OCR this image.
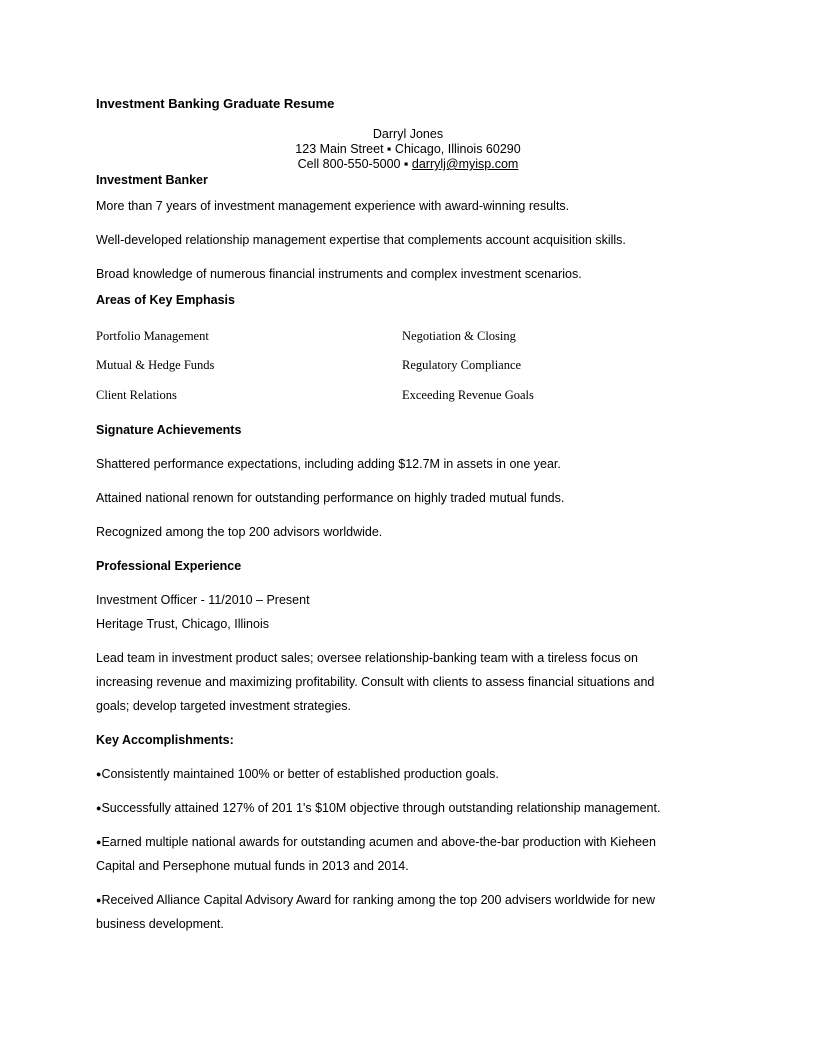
Investment Banking Graduate Resume
Darryl Jones
123 Main Street ▪ Chicago, Illinois 60290
Cell 800-550-5000 ▪ darrylj@myisp.com
Investment Banker
More than 7 years of investment management experience with award-winning results.
Well-developed relationship management expertise that complements account acquisition skills.
Broad knowledge of numerous financial instruments and complex investment scenarios.
Areas of Key Emphasis
Portfolio Management
Mutual & Hedge Funds
Client Relations
Negotiation & Closing
Regulatory Compliance
Exceeding Revenue Goals
Signature Achievements
Shattered performance expectations, including adding $12.7M in assets in one year.
Attained national renown for outstanding performance on highly traded mutual funds.
Recognized among the top 200 advisors worldwide.
Professional Experience
Investment Officer - 11/2010 – Present
Heritage Trust, Chicago, Illinois
Lead team in investment product sales; oversee relationship-banking team with a tireless focus on
increasing revenue and maximizing profitability. Consult with clients to assess financial situations and
goals; develop targeted investment strategies.
Key Accomplishments:
●Consistently maintained 100% or better of established production goals.
●Successfully attained 127% of 201 1's $10M objective through outstanding relationship management.
●Earned multiple national awards for outstanding acumen and above-the-bar production with Kieheen
Capital and Persephone mutual funds in 2013 and 2014.
●Received Alliance Capital Advisory Award for ranking among the top 200 advisers worldwide for new
business development.
